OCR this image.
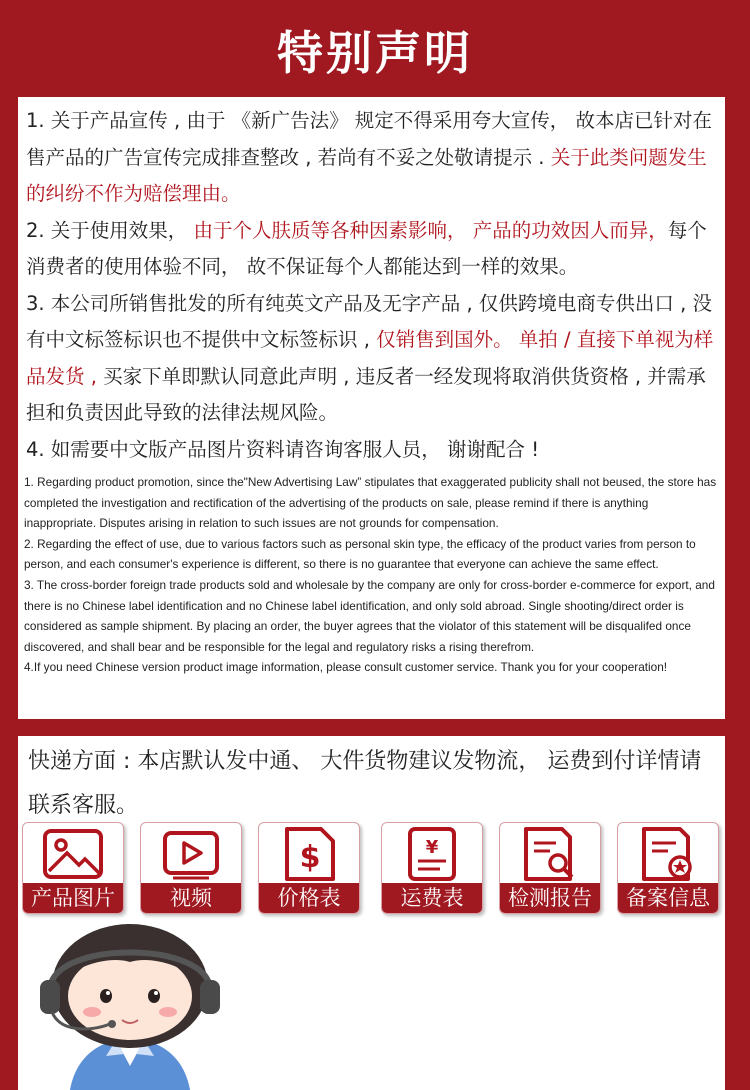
特别声明

1. 关于产品宣传 , 由于 《新广告法》 规定不得采用夸大宣传， 故本店已针对在售产品的广告宣传完成排查整改 , 若尚有不妥之处敬请提示 . 关于此类问题发生的纠纷不作为赔偿理由。

2. 关于使用效果， 由于个人肤质等各种因素影响， 产品的功效因人而异，每个消费者的使用体验不同， 故不保证每个人都能达到一样的效果。

3. 本公司所销售批发的所有纯英文产品及无字产品 , 仅供跨境电商专供出口 , 没有中文标签标识也不提供中文标签标识 , 仅销售到国外。 单拍 / 直接下单视为样品发货 , 买家下单即默认同意此声明 , 违反者一经发现将取消供货资格 , 并需承担和负责因此导致的法律法规风险。

4. 如需要中文版产品图片资料请咨询客服人员， 谢谢配合 !

1. Regarding product promotion, since the"New Advertising Law” stipulates that exaggerated publicity shall not beused, the store has completed the investigation and rectification of the advertising of the products on sale, please remind if there is anything inappropriate. Disputes arising in relation to such issues are not grounds for compensation.

2. Regarding the effect of use, due to various factors such as personal skin type, the efficacy of the product varies from person to person, and each consumer's experience is different, so there is no guarantee that everyone can achieve the same effect.

3. The cross-border foreign trade products sold and wholesale by the company are only for cross-border e-commerce for export, and there is no Chinese label identification and no Chinese label identification, and only sold abroad. Single shooting/direct order is considered as sample shipment. By placing an order, the buyer agrees that the violator of this statement will be disqualifed once discovered, and shall bear and be responsible for the legal and regulatory risks a rising therefrom.

4.If you need Chinese version product image information, please consult customer service. Thank you for your cooperation!

快递方面 : 本店默认发中通、 大件货物建议发物流， 运费到付详情请联系客服。
产品图片	视频
$
价格表
¥
运费表	检测报告	备案信息
